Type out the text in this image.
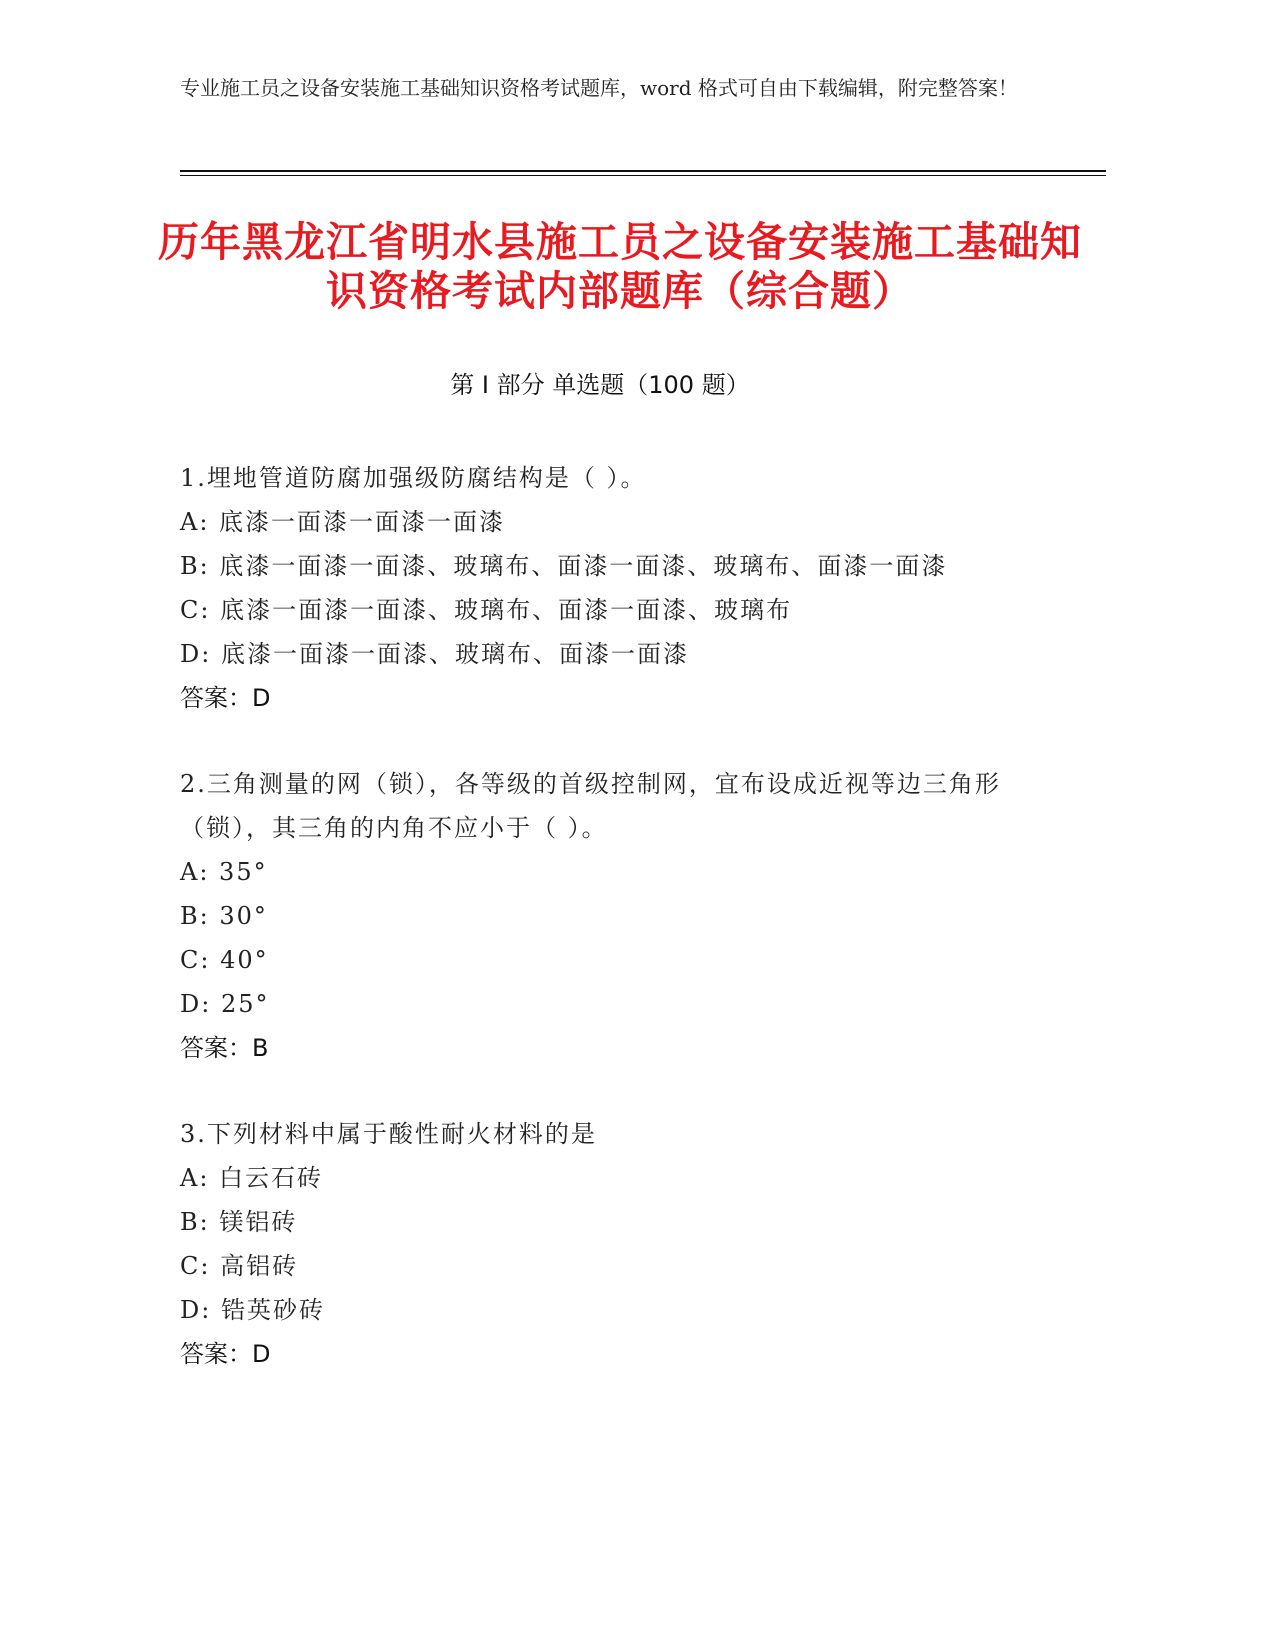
专业施工员之设备安装施工基础知识资格考试题库，word 格式可自由下载编辑，附完整答案！
历年黑龙江省明水县施工员之设备安装施工基础知识资格考试内部题库（综合题）
第 I 部分 单选题（100 题）
1.埋地管道防腐加强级防腐结构是（ ）。
A: 底漆一面漆一面漆一面漆
B: 底漆一面漆一面漆、玻璃布、面漆一面漆、玻璃布、面漆一面漆
C: 底漆一面漆一面漆、玻璃布、面漆一面漆、玻璃布
D: 底漆一面漆一面漆、玻璃布、面漆一面漆
答案：D
2.三角测量的网（锁），各等级的首级控制网，宜布设成近视等边三角形（锁），其三角的内角不应小于（ ）。
A: 35°
B: 30°
C: 40°
D: 25°
答案：B
3.下列材料中属于酸性耐火材料的是
A: 白云石砖
B: 镁铝砖
C: 高铝砖
D: 锆英砂砖
答案：D
